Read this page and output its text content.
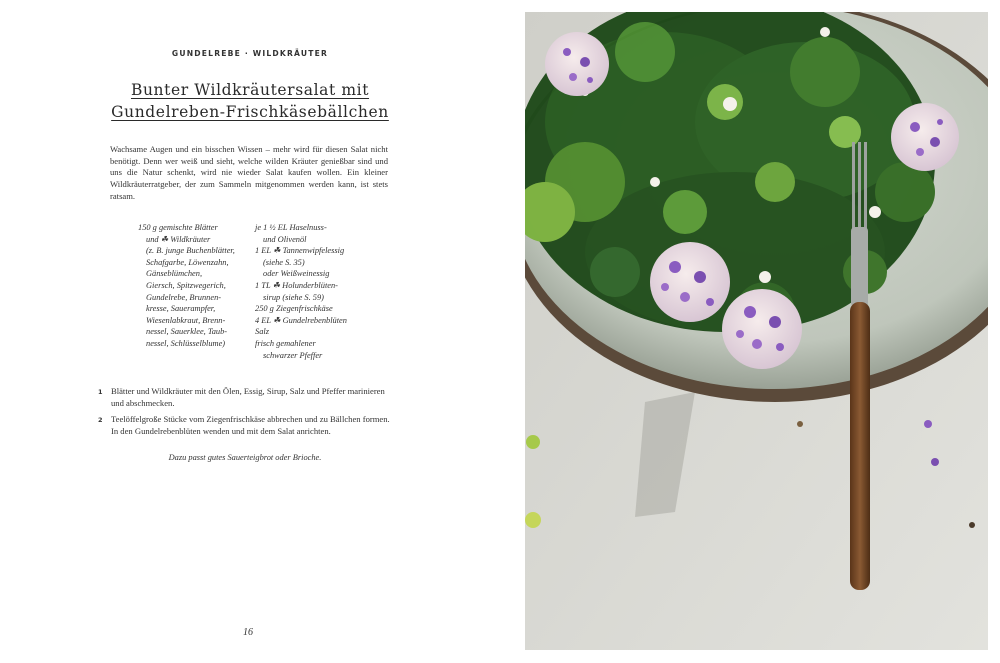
GUNDELREBE · WILDKRÄUTER
Bunter Wildkräutersalat mit
Gundelreben-Frischkäsebällchen
Wachsame Augen und ein bisschen Wissen – mehr wird für diesen Salat nicht benötigt. Denn wer weiß und sieht, welche wilden Kräuter genießbar sind und uns die Natur schenkt, wird nie wieder Salat kaufen wollen. Ein kleiner Wildkräuterratgeber, der zum Sammeln mitgenommen werden kann, ist stets ratsam.
150 g gemischte Blätter
und ☘ Wildkräuter
(z. B. junge Buchenblätter,
Schafgarbe, Löwenzahn,
Gänseblümchen,
Giersch, Spitzwegerich,
Gundelrebe, Brunnen-
kresse, Sauerampfer,
Wiesenlabkraut, Brenn-
nessel, Sauerklee, Taub-
nessel, Schlüsselblume)
je 1 ½ EL Haselnuss-
und Olivenöl
1 EL ☘ Tannenwipfelessig
(siehe S. 35)
oder Weißweinessig
1 TL ☘ Holunderblüten-
sirup (siehe S. 59)
250 g Ziegenfrischkäse
4 EL ☘ Gundelrebenblüten
Salz
frisch gemahlener
schwarzer Pfeffer
1 Blätter und Wildkräuter mit den Ölen, Essig, Sirup, Salz und Pfeffer marinieren und abschmecken.
2 Teelöffelgroße Stücke vom Ziegenfrischkäse abbrechen und zu Bällchen formen. In den Gundelrebenblüten wenden und mit dem Salat anrichten.
Dazu passt gutes Sauerteigbrot oder Brioche.
16
